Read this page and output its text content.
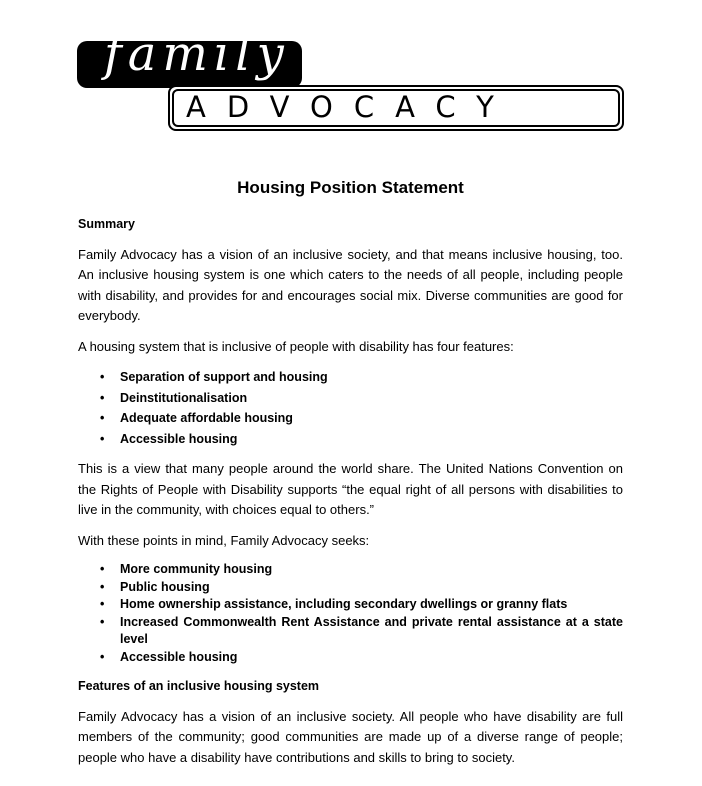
family
ADVOCACY
Housing Position Statement
Summary

Family Advocacy has a vision of an inclusive society, and that means inclusive housing, too. An inclusive housing system is one which caters to the needs of all people, including people with disability, and provides for and encourages social mix. Diverse communities are good for everybody.

A housing system that is inclusive of people with disability has four features:

• Separation of support and housing
• Deinstitutionalisation
• Adequate affordable housing
• Accessible housing

This is a view that many people around the world share. The United Nations Convention on the Rights of People with Disability supports “the equal right of all persons with disabilities to live in the community, with choices equal to others.”

With these points in mind, Family Advocacy seeks:

• More community housing
• Public housing
• Home ownership assistance, including secondary dwellings or granny flats
• Increased Commonwealth Rent Assistance and private rental assistance at a state level
• Accessible housing
Features of an inclusive housing system

Family Advocacy has a vision of an inclusive society. All people who have disability are full members of the community; good communities are made up of a diverse range of people; people who have a disability have contributions and skills to bring to society.
